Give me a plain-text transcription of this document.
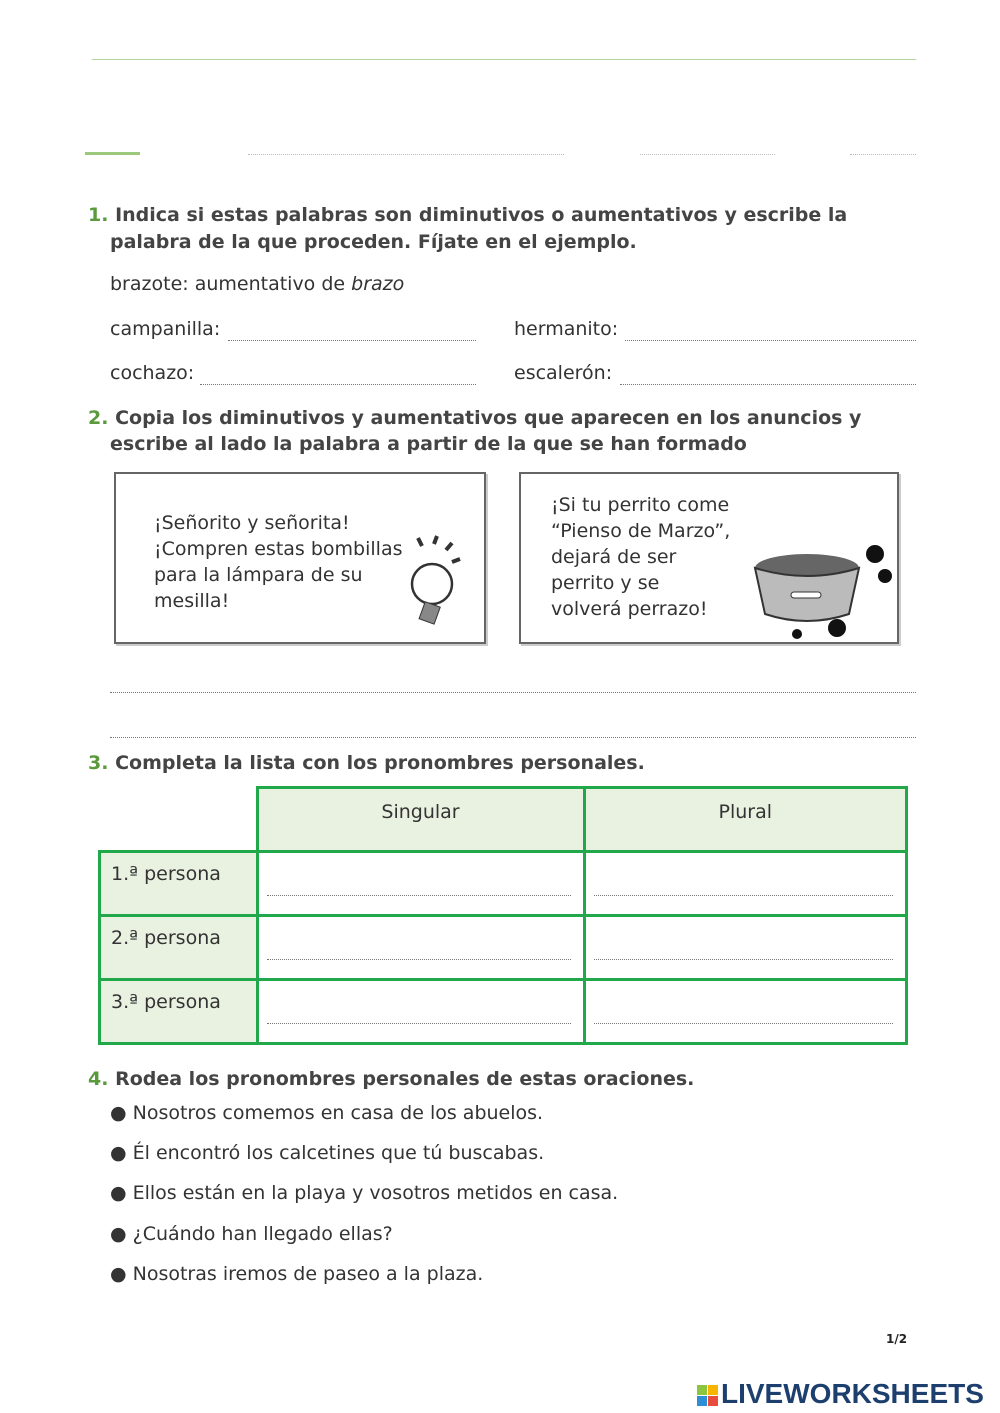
1. Indica si estas palabras son diminutivos o aumentativos y escribe la
palabra de la que proceden. Fíjate en el ejemplo.
brazote: aumentativo de brazo
campanilla:	hermanito:
cochazo:	escalerón:
2. Copia los diminutivos y aumentativos que aparecen en los anuncios y
escribe al lado la palabra a partir de la que se han formado
¡Señorito y señorita!
¡Compren estas bombillas
para la lámpara de su
mesilla!
¡Si tu perrito come
“Pienso de Marzo”,
dejará de ser
perrito y se
volverá perrazo!
3. Completa la lista con los pronombres personales.
	Singular	Plural
1.ª persona	

2.ª persona	

3.ª persona	

4. Rodea los pronombres personales de estas oraciones.
● Nosotros comemos en casa de los abuelos.
● Él encontró los calcetines que tú buscabas.
● Ellos están en la playa y vosotros metidos en casa.
● ¿Cuándo han llegado ellas?
● Nosotras iremos de paseo a la plaza.
1/2
LIVEWORKSHEETS
